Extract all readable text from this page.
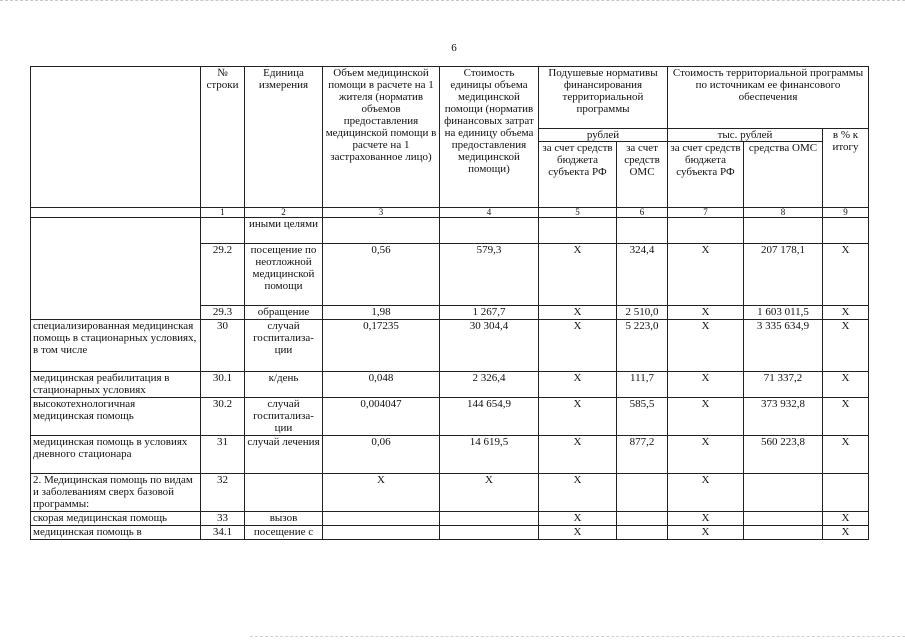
6
	№ строки	Единица измерения	Объем медицинской помощи в расчете на 1 жителя (норматив объемов предоставления медицинской помощи в расчете на 1 застрахованное лицо)	Стоимость единицы объема медицинской помощи (норматив финансовых затрат на единицу объема предоставления медицинской помощи)	Подушевые нормативы финансирования территориальной программы		Стоимость территориальной программы по источникам ее финансового обеспечения		
					рублей		тыс. рублей		в % к итогу
					за счет средств бюджета субъекта РФ	за счет средств ОМС	за счет средств бюджета субъекта РФ	средства ОМС	
	1	2	3	4	5	6	7	8	9
		иными целями							
	29.2	посещение по неотложной медицинской помощи	0,56	579,3	X	324,4	X	207 178,1	X
	29.3	обращение	1,98	1 267,7	X	2 510,0	X	1 603 011,5	X
специализированная медицинская помощь в стационарных условиях, в том числе	30	случай госпитализа-ции	0,17235	30 304,4	X	5 223,0	X	3 335 634,9	X
медицинская реабилитация в стационарных условиях	30.1	к/день	0,048	2 326,4	X	111,7	X	71 337,2	X
высокотехнологичная медицинская помощь	30.2	случай госпитализа-ции	0,004047	144 654,9	X	585,5	X	373 932,8	X
медицинская помощь в условиях дневного стационара	31	случай лечения	0,06	14 619,5	X	877,2	X	560 223,8	X
2. Медицинская помощь по видам и заболеваниям сверх базовой программы:	32		X	X	X		X		
скорая медицинская помощь	33	вызов			X		X		X
медицинская помощь в	34.1	посещение с			X		X		X
